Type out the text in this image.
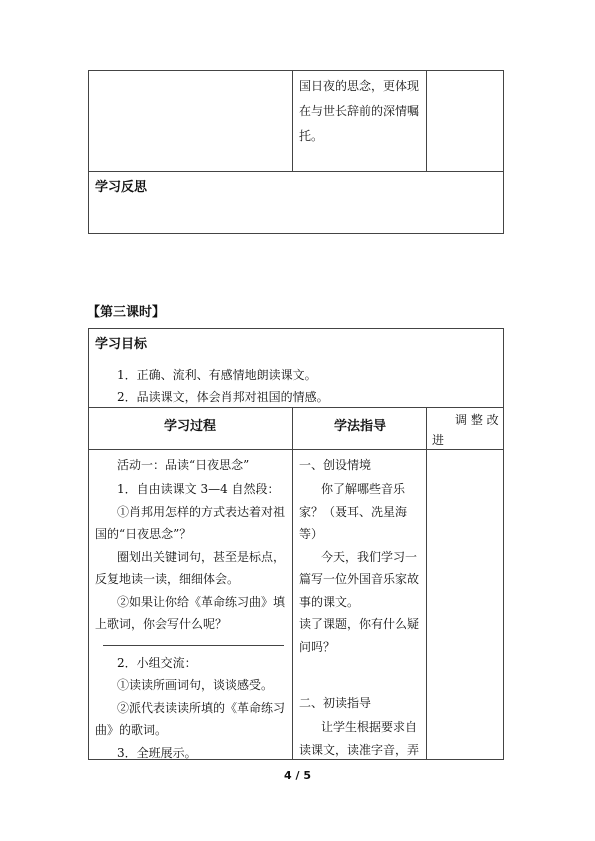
国日夜的思念，更体现
在与世长辞前的深情嘱
托。
学习反思
【第三课时】
学习目标
1．正确、流利、有感情地朗读课文。
2．品读课文，体会肖邦对祖国的情感。
学习过程	学法指导	调 整 改
进
活动一：品读“日夜思念”
1．自由读课文 3—4 自然段：
①肖邦用怎样的方式表达着对祖
国的“日夜思念”？
圈划出关键词句，甚至是标点，
反复地读一读，细细体会。
②如果让你给《革命练习曲》填
上歌词，你会写什么呢？
2．小组交流：
①读读所画词句，谈谈感受。
②派代表读读所填的《革命练习
曲》的歌词。
3．全班展示。
一、创设情境
你了解哪些音乐
家？（聂耳、冼星海
等）
今天，我们学习一
篇写一位外国音乐家故
事的课文。
读了课题，你有什么疑
问吗？
二、初读指导
让学生根据要求自
读课文，读准字音，弄
4 / 5
